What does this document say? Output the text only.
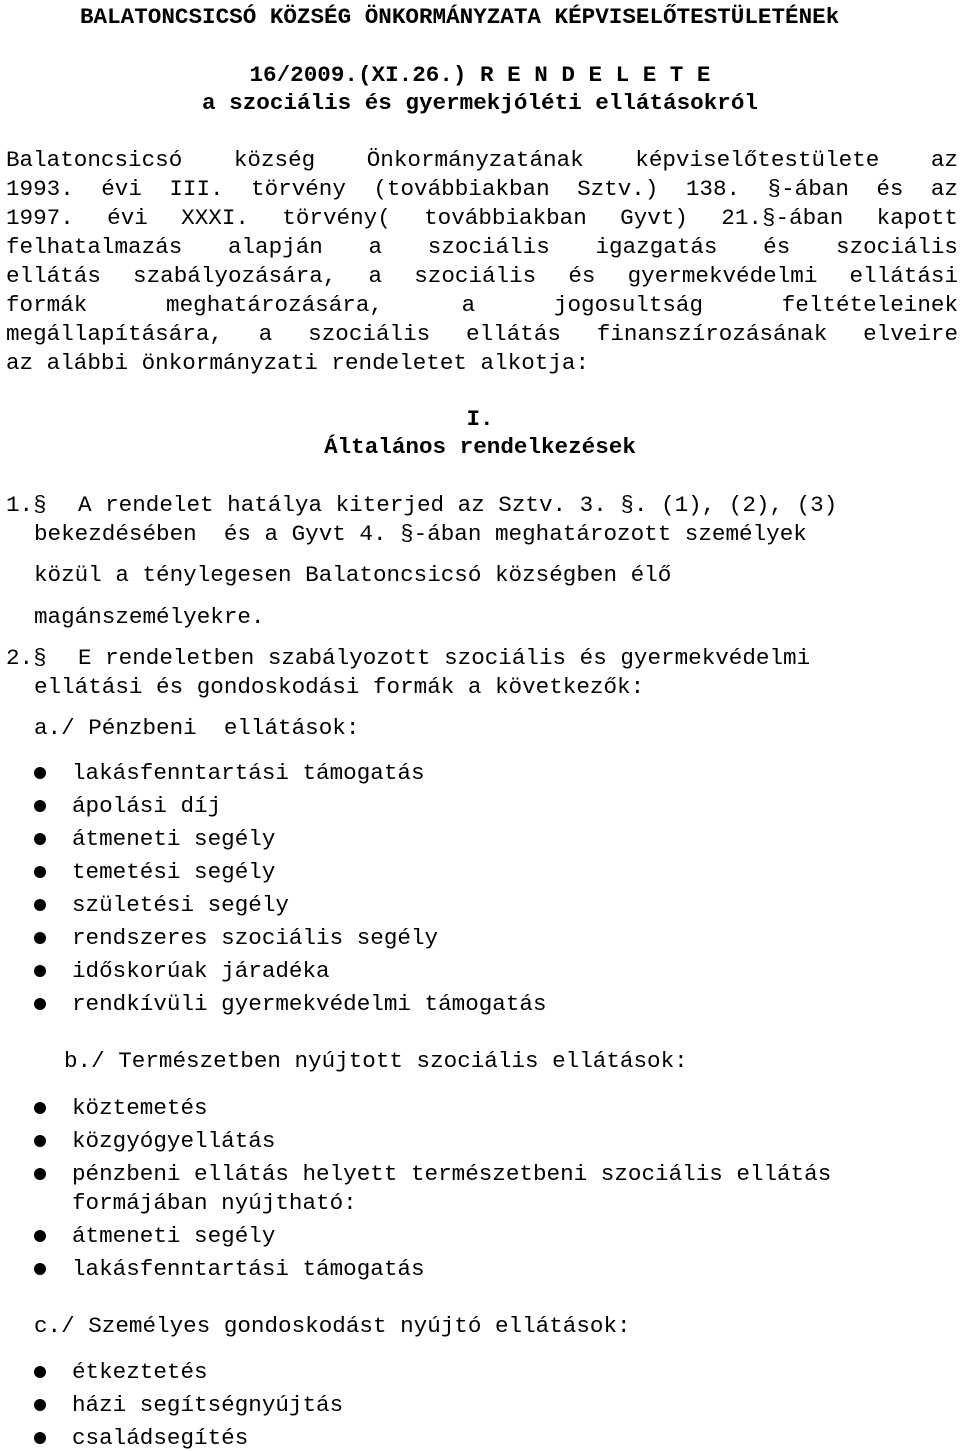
BALATONCSICSÓ KÖZSÉG ÖNKORMÁNYZATA KÉPVISELŐTESTÜLETÉNEk
16/2009.(XI.26.) R E N D E L E T E
a szociális és gyermekjóléti ellátásokról
Balatoncsicsó község Önkormányzatának képviselőtestülete az
1993. évi III. törvény (továbbiakban Sztv.) 138. §-ában és az
1997. évi XXXI. törvény( továbbiakban Gyvt) 21.§-ában kapott
felhatalmazás alapján a szociális igazgatás és szociális
ellátás szabályozására, a szociális és gyermekvédelmi ellátási
formák meghatározására, a jogosultság feltételeinek
megállapítására, a szociális ellátás finanszírozásának elveire
az alábbi önkormányzati rendeletet alkotja:
I.
Általános rendelkezések
1.§ A rendelet hatálya kiterjed az Sztv. 3. §. (1), (2), (3)
bekezdésében  és a Gyvt 4. §-ában meghatározott személyek
közül a ténylegesen Balatoncsicsó községben élő
magánszemélyekre.
2.§ E rendeletben szabályozott szociális és gyermekvédelmi
ellátási és gondoskodási formák a következők:
a./ Pénzbeni  ellátások:
lakásfenntartási támogatás
ápolási díj
átmeneti segély
temetési segély
születési segély
rendszeres szociális segély
időskorúak járadéka
rendkívüli gyermekvédelmi támogatás
b./ Természetben nyújtott szociális ellátások:
köztemetés
közgyógyellátás
pénzbeni ellátás helyett természetbeni szociális ellátás
formájában nyújtható:
átmeneti segély
lakásfenntartási támogatás
c./ Személyes gondoskodást nyújtó ellátások:
étkeztetés
házi segítségnyújtás
családsegítés
